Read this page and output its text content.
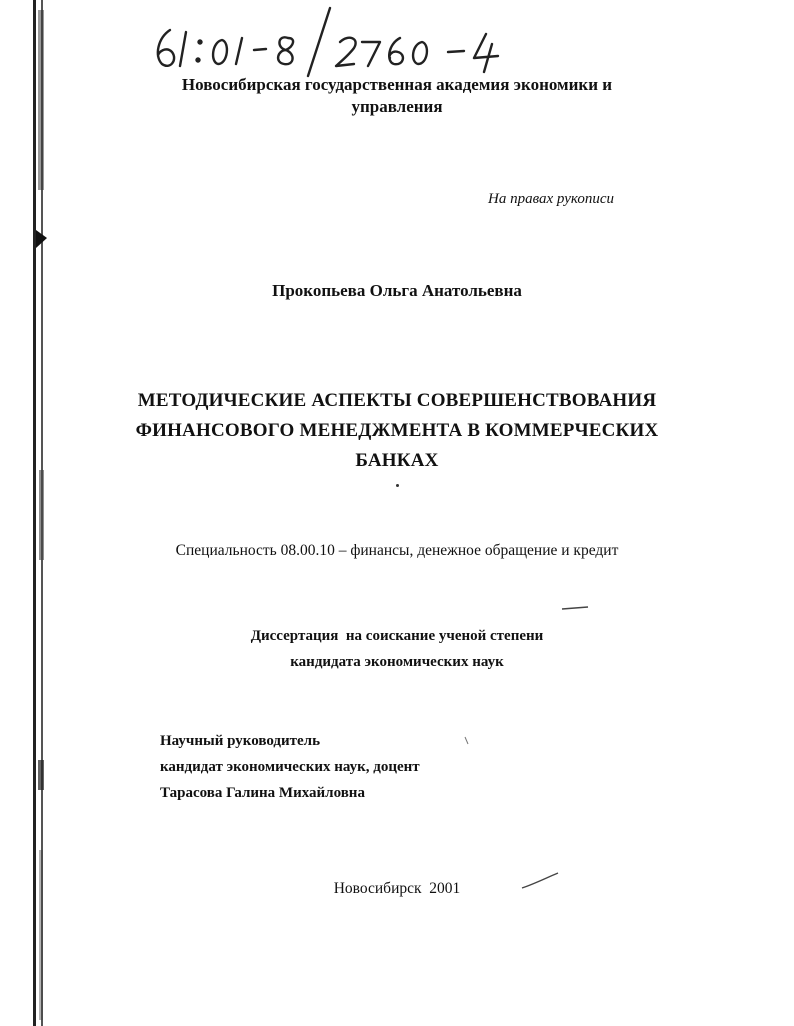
Новосибирская государственная академия экономики и
управления
На правах рукописи
Прокопьева Ольга Анатольевна
МЕТОДИЧЕСКИЕ АСПЕКТЫ СОВЕРШЕНСТВОВАНИЯ
ФИНАНСОВОГО МЕНЕДЖМЕНТА В КОММЕРЧЕСКИХ
БАНКАХ
Специальность 08.00.10 – финансы, денежное обращение и кредит
Диссертация  на соискание ученой степени
кандидата экономических наук
Научный руководитель
кандидат экономических наук, доцент
Тарасова Галина Михайловна
Новосибирск  2001
